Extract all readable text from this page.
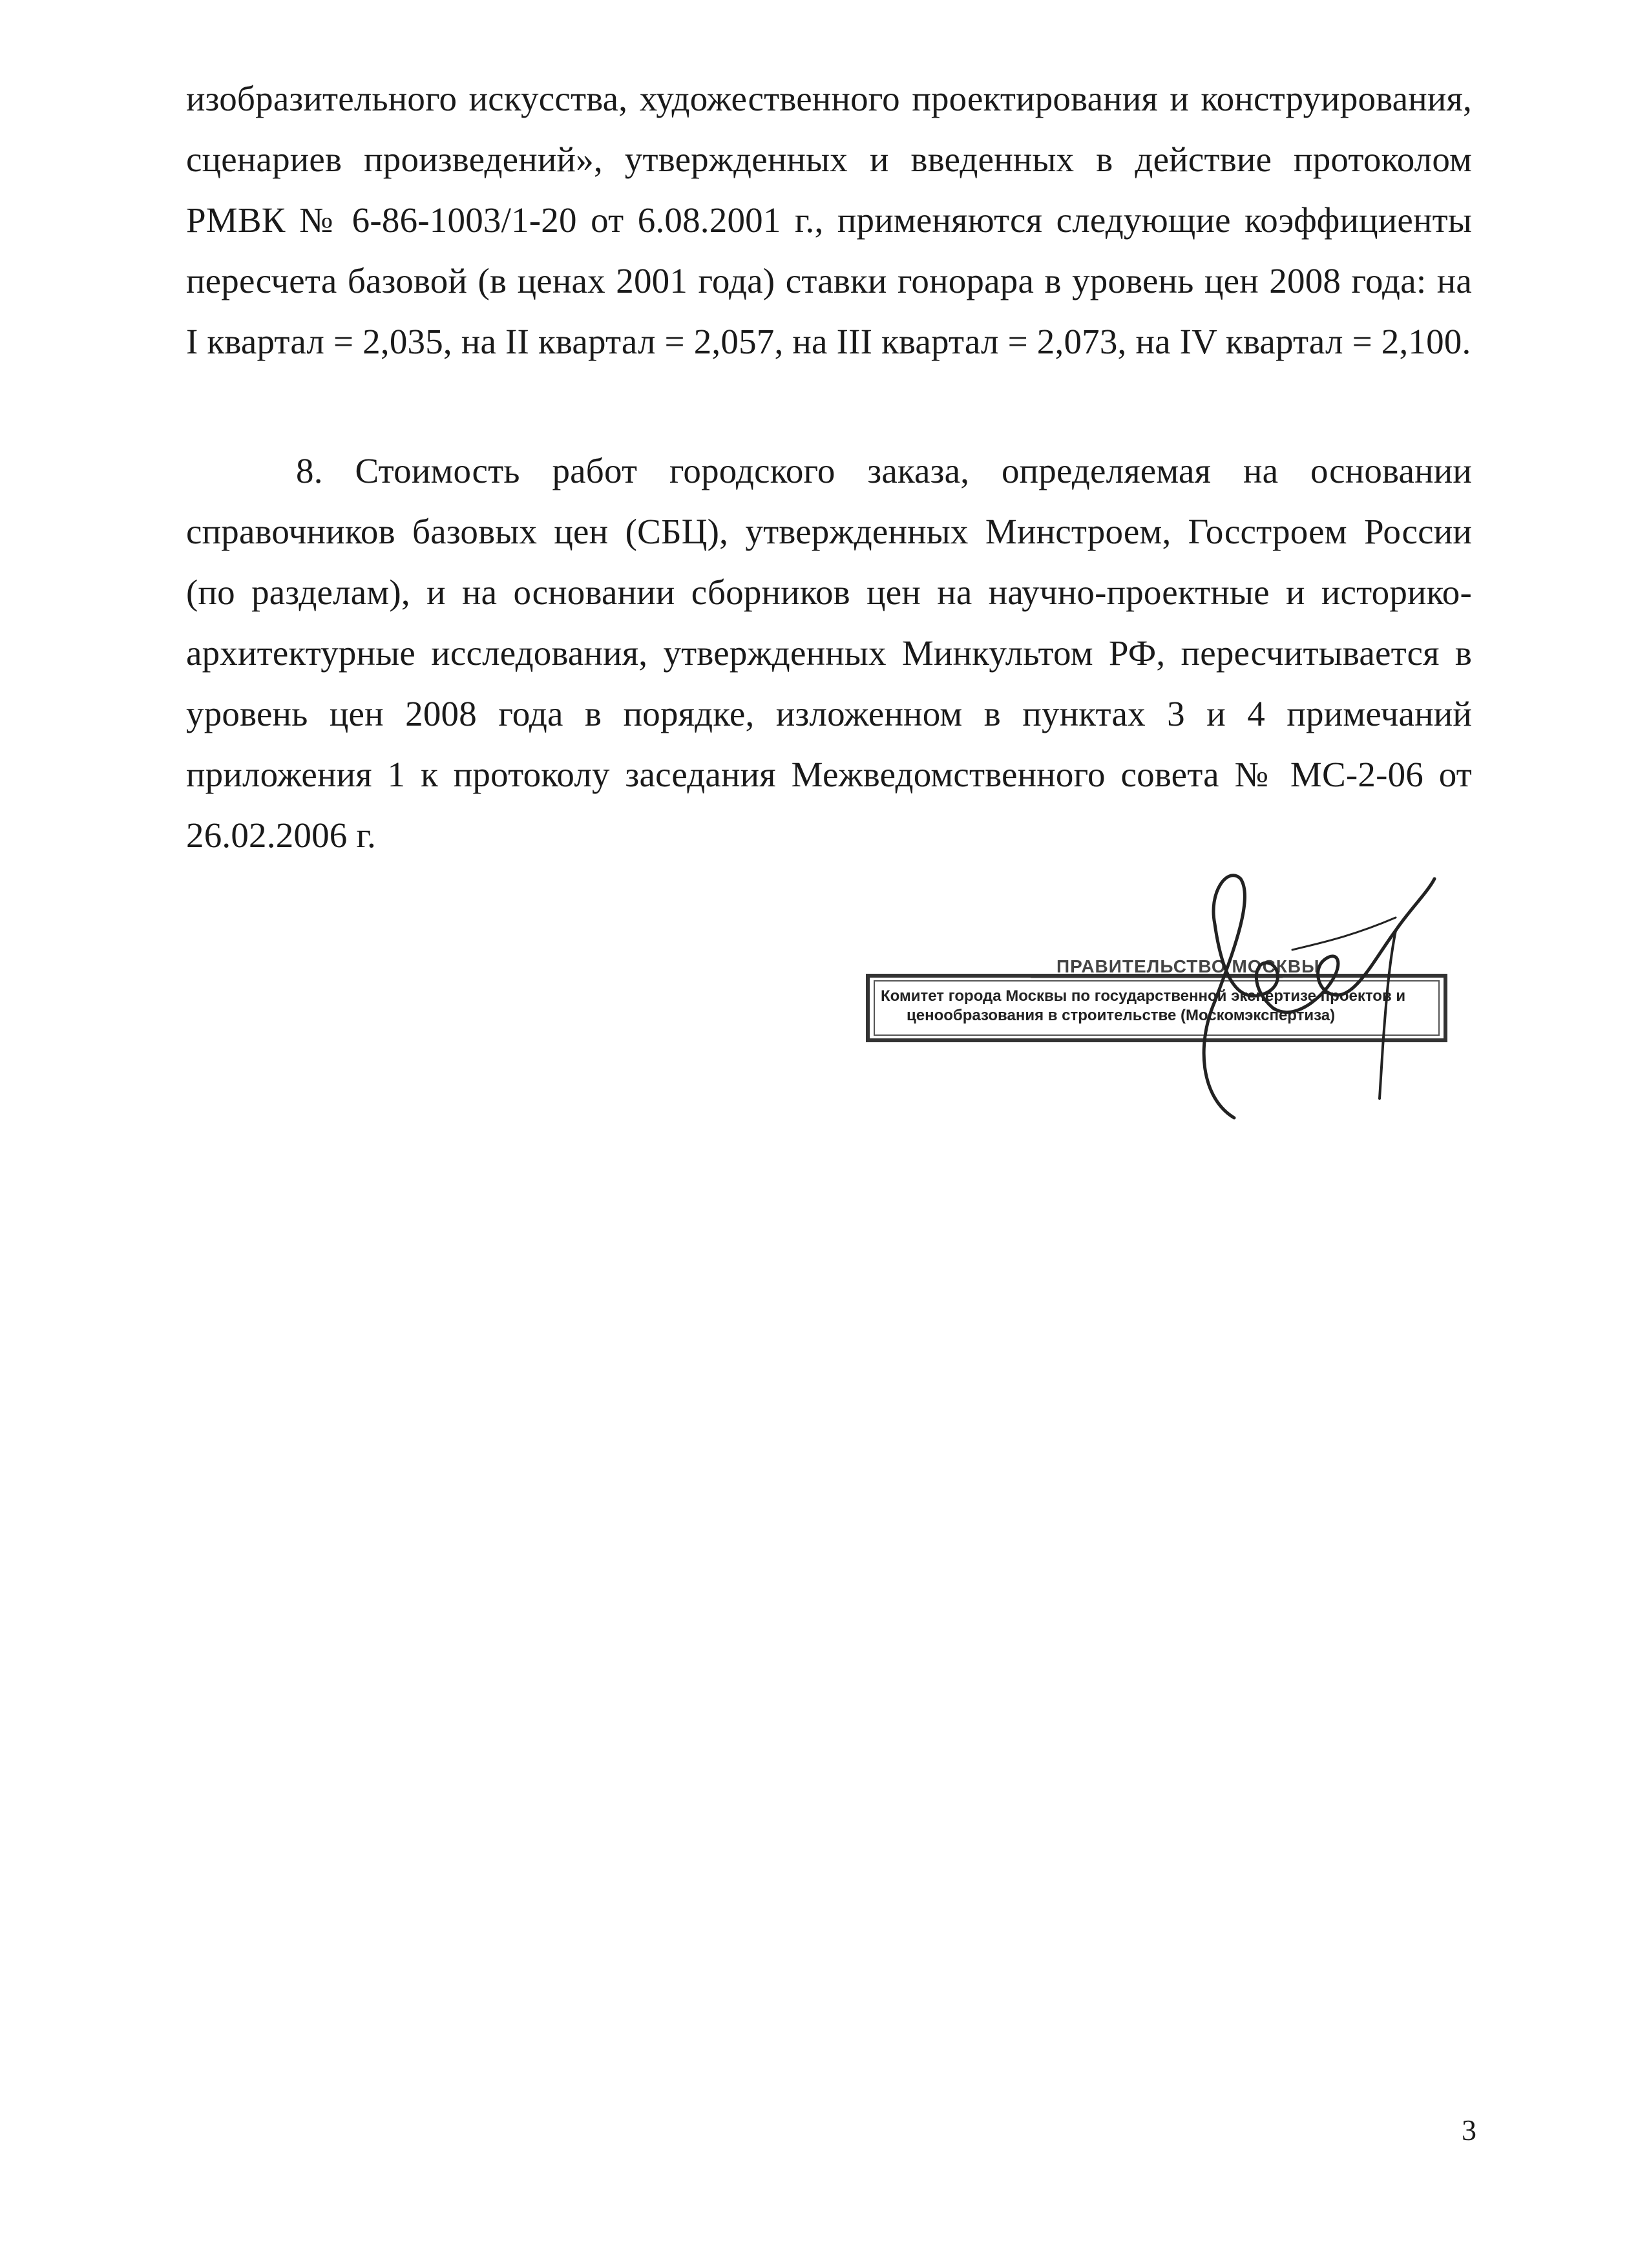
изобразительного искусства, художественного проектирования и конструирования, сценариев произведений», утвержденных и введенных в действие протоколом РМВК № 6-86-1003/1-20 от 6.08.2001 г., применяются следующие коэффициенты пересчета базовой (в ценах 2001 года) ставки гонорара в уровень цен 2008 года: на I квартал = 2,035, на II квартал = 2,057, на III квартал = 2,073, на IV квартал = 2,100.

8. Стоимость работ городского заказа, определяемая на основании справочников базовых цен (СБЦ), утвержденных Минстроем, Госстроем России (по разделам), и на основании сборников цен на научно-проектные и историко-архитектурные исследования, утвержденных Минкультом РФ, пересчитывается в уровень цен 2008 года в порядке, изложенном в пунктах 3 и 4 примечаний приложения 1 к протоколу заседания Межведомственного совета № МС-2-06 от 26.02.2006 г.

ПРАВИТЕЛЬСТВО МОСКВЫ
Комитет города Москвы по государственной экспертизе проектов и
ценообразования в строительстве (Москомэкспертиза)
3
